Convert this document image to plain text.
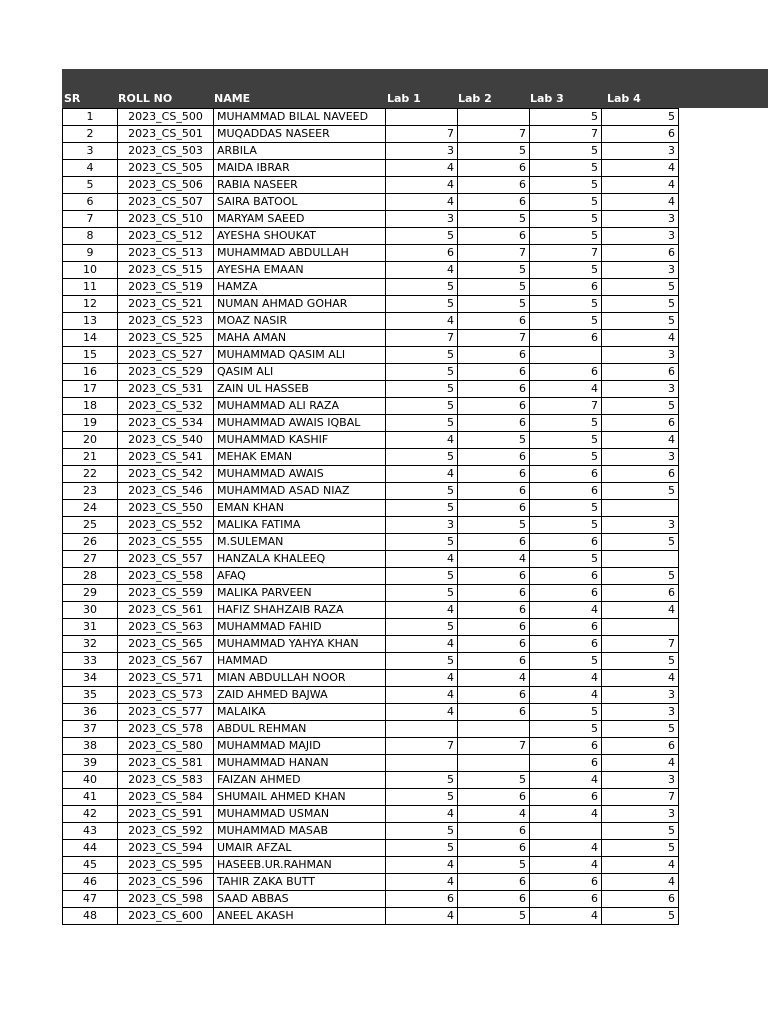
SR	ROLL NO	NAME	Lab 1	Lab 2	Lab 3	Lab 4
1	2023_CS_500	MUHAMMAD BILAL NAVEED			5	5
2	2023_CS_501	MUQADDAS NASEER	7	7	7	6
3	2023_CS_503	ARBILA	3	5	5	3
4	2023_CS_505	MAIDA IBRAR	4	6	5	4
5	2023_CS_506	RABIA NASEER	4	6	5	4
6	2023_CS_507	SAIRA BATOOL	4	6	5	4
7	2023_CS_510	MARYAM SAEED	3	5	5	3
8	2023_CS_512	AYESHA SHOUKAT	5	6	5	3
9	2023_CS_513	MUHAMMAD ABDULLAH	6	7	7	6
10	2023_CS_515	AYESHA EMAAN	4	5	5	3
11	2023_CS_519	HAMZA	5	5	6	5
12	2023_CS_521	NUMAN AHMAD GOHAR	5	5	5	5
13	2023_CS_523	MOAZ NASIR	4	6	5	5
14	2023_CS_525	MAHA AMAN	7	7	6	4
15	2023_CS_527	MUHAMMAD QASIM ALI	5	6		3
16	2023_CS_529	QASIM ALI	5	6	6	6
17	2023_CS_531	ZAIN UL HASSEB	5	6	4	3
18	2023_CS_532	MUHAMMAD ALI RAZA	5	6	7	5
19	2023_CS_534	MUHAMMAD AWAIS IQBAL	5	6	5	6
20	2023_CS_540	MUHAMMAD KASHIF	4	5	5	4
21	2023_CS_541	MEHAK EMAN	5	6	5	3
22	2023_CS_542	MUHAMMAD AWAIS	4	6	6	6
23	2023_CS_546	MUHAMMAD ASAD NIAZ	5	6	6	5
24	2023_CS_550	EMAN KHAN	5	6	5	
25	2023_CS_552	MALIKA FATIMA	3	5	5	3
26	2023_CS_555	M.SULEMAN	5	6	6	5
27	2023_CS_557	HANZALA KHALEEQ	4	4	5	
28	2023_CS_558	AFAQ	5	6	6	5
29	2023_CS_559	MALIKA PARVEEN	5	6	6	6
30	2023_CS_561	HAFIZ SHAHZAIB RAZA	4	6	4	4
31	2023_CS_563	MUHAMMAD FAHID	5	6	6	
32	2023_CS_565	MUHAMMAD YAHYA KHAN	4	6	6	7
33	2023_CS_567	HAMMAD	5	6	5	5
34	2023_CS_571	MIAN ABDULLAH NOOR	4	4	4	4
35	2023_CS_573	ZAID AHMED BAJWA	4	6	4	3
36	2023_CS_577	MALAIKA	4	6	5	3
37	2023_CS_578	ABDUL REHMAN			5	5
38	2023_CS_580	MUHAMMAD MAJID	7	7	6	6
39	2023_CS_581	MUHAMMAD HANAN			6	4
40	2023_CS_583	FAIZAN AHMED	5	5	4	3
41	2023_CS_584	SHUMAIL AHMED KHAN	5	6	6	7
42	2023_CS_591	MUHAMMAD USMAN	4	4	4	3
43	2023_CS_592	MUHAMMAD MASAB	5	6		5
44	2023_CS_594	UMAIR AFZAL	5	6	4	5
45	2023_CS_595	HASEEB.UR.RAHMAN	4	5	4	4
46	2023_CS_596	TAHIR ZAKA BUTT	4	6	6	4
47	2023_CS_598	SAAD ABBAS	6	6	6	6
48	2023_CS_600	ANEEL AKASH	4	5	4	5
